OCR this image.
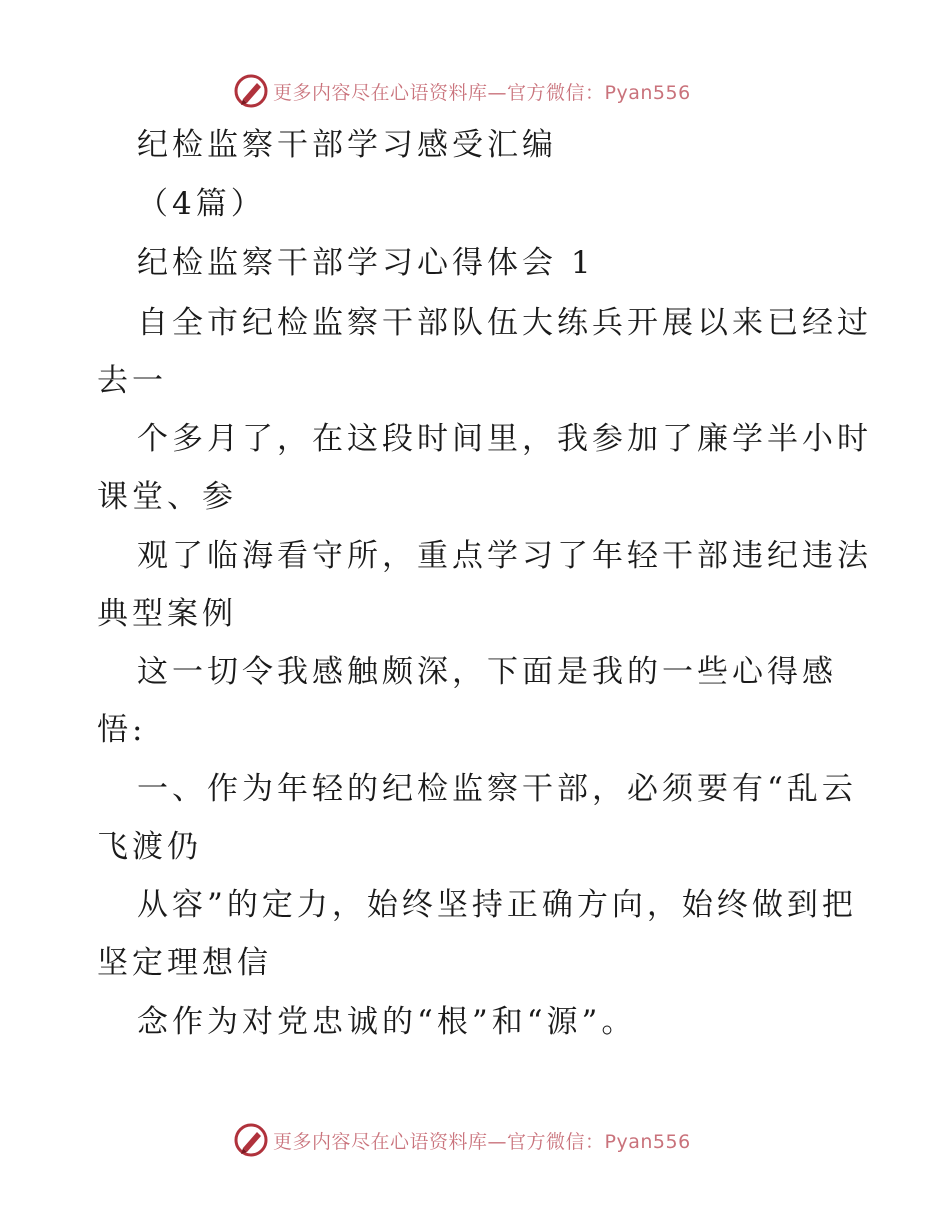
更多内容尽在心语资料库—官方微信：Pyan556
纪检监察干部学习感受汇编
（4篇）
纪检监察干部学习心得体会 1
自全市纪检监察干部队伍大练兵开展以来已经过
去一
个多月了，在这段时间里，我参加了廉学半小时
课堂、参
观了临海看守所，重点学习了年轻干部违纪违法
典型案例
这一切令我感触颇深，下面是我的一些心得感
悟:
一、作为年轻的纪检监察干部，必须要有“乱云
飞渡仍
从容”的定力，始终坚持正确方向，始终做到把
坚定理想信
念作为对党忠诚的“根”和“源”。
更多内容尽在心语资料库—官方微信：Pyan556
